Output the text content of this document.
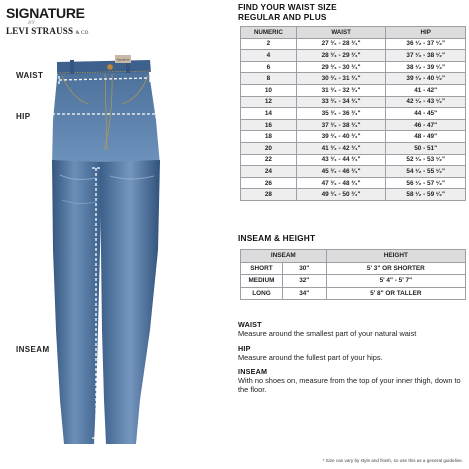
SIGNATURE
BY
LEVI STRAUSS & CO
Signature
WAIST
HIP
INSEAM
FIND YOUR WAIST SIZE
REGULAR AND PLUS
NUMERIC	WAIST	HIP
2	27 ³⁄₄ - 28 ³⁄₄"	36 ¹⁄₂ - 37 ¹⁄₂"
4	28 ³⁄₄ - 29 ³⁄₄"	37 ¹⁄₂ - 38 ¹⁄₂"
6	29 ³⁄₄ - 30 ³⁄₄"	38 ¹⁄₂ - 39 ¹⁄₂"
8	30 ³⁄₄ - 31 ³⁄₄"	39 ¹⁄₂ - 40 ¹⁄₂"
10	31 ³⁄₄ - 32 ³⁄₄"	41 - 42"
12	33 ³⁄₄ - 34 ³⁄₄"	42 ¹⁄₂ - 43 ¹⁄₂"
14	35 ³⁄₄ - 36 ³⁄₄"	44 - 45"
16	37 ³⁄₄ - 38 ³⁄₄"	46 - 47"
18	39 ³⁄₄ - 40 ³⁄₄"	48 - 49"
20	41 ³⁄₄ - 42 ³⁄₄"	50 - 51"
22	43 ³⁄₄ - 44 ³⁄₄"	52 ¹⁄₂ - 53 ¹⁄₂"
24	45 ³⁄₄ - 46 ³⁄₄"	54 ¹⁄₂ - 55 ¹⁄₂"
26	47 ³⁄₄ - 48 ³⁄₄"	56 ¹⁄₂ - 57 ¹⁄₂"
28	49 ³⁄₄ - 50 ³⁄₄"	58 ¹⁄₂ - 59 ¹⁄₂"
INSEAM & HEIGHT
INSEAM		HEIGHT
SHORT	30"	5' 3" OR SHORTER
MEDIUM	32"	5' 4" - 5' 7"
LONG	34"	5' 8" OR TALLER
WAIST
Measure around the smallest part of your natural waist
HIP
Measure around the fullest part of your hips.
INSEAM
With no shoes on, measure from the top of your inner thigh, down to the floor.
* Size can vary by style and finish, so use this as a general guideline.
